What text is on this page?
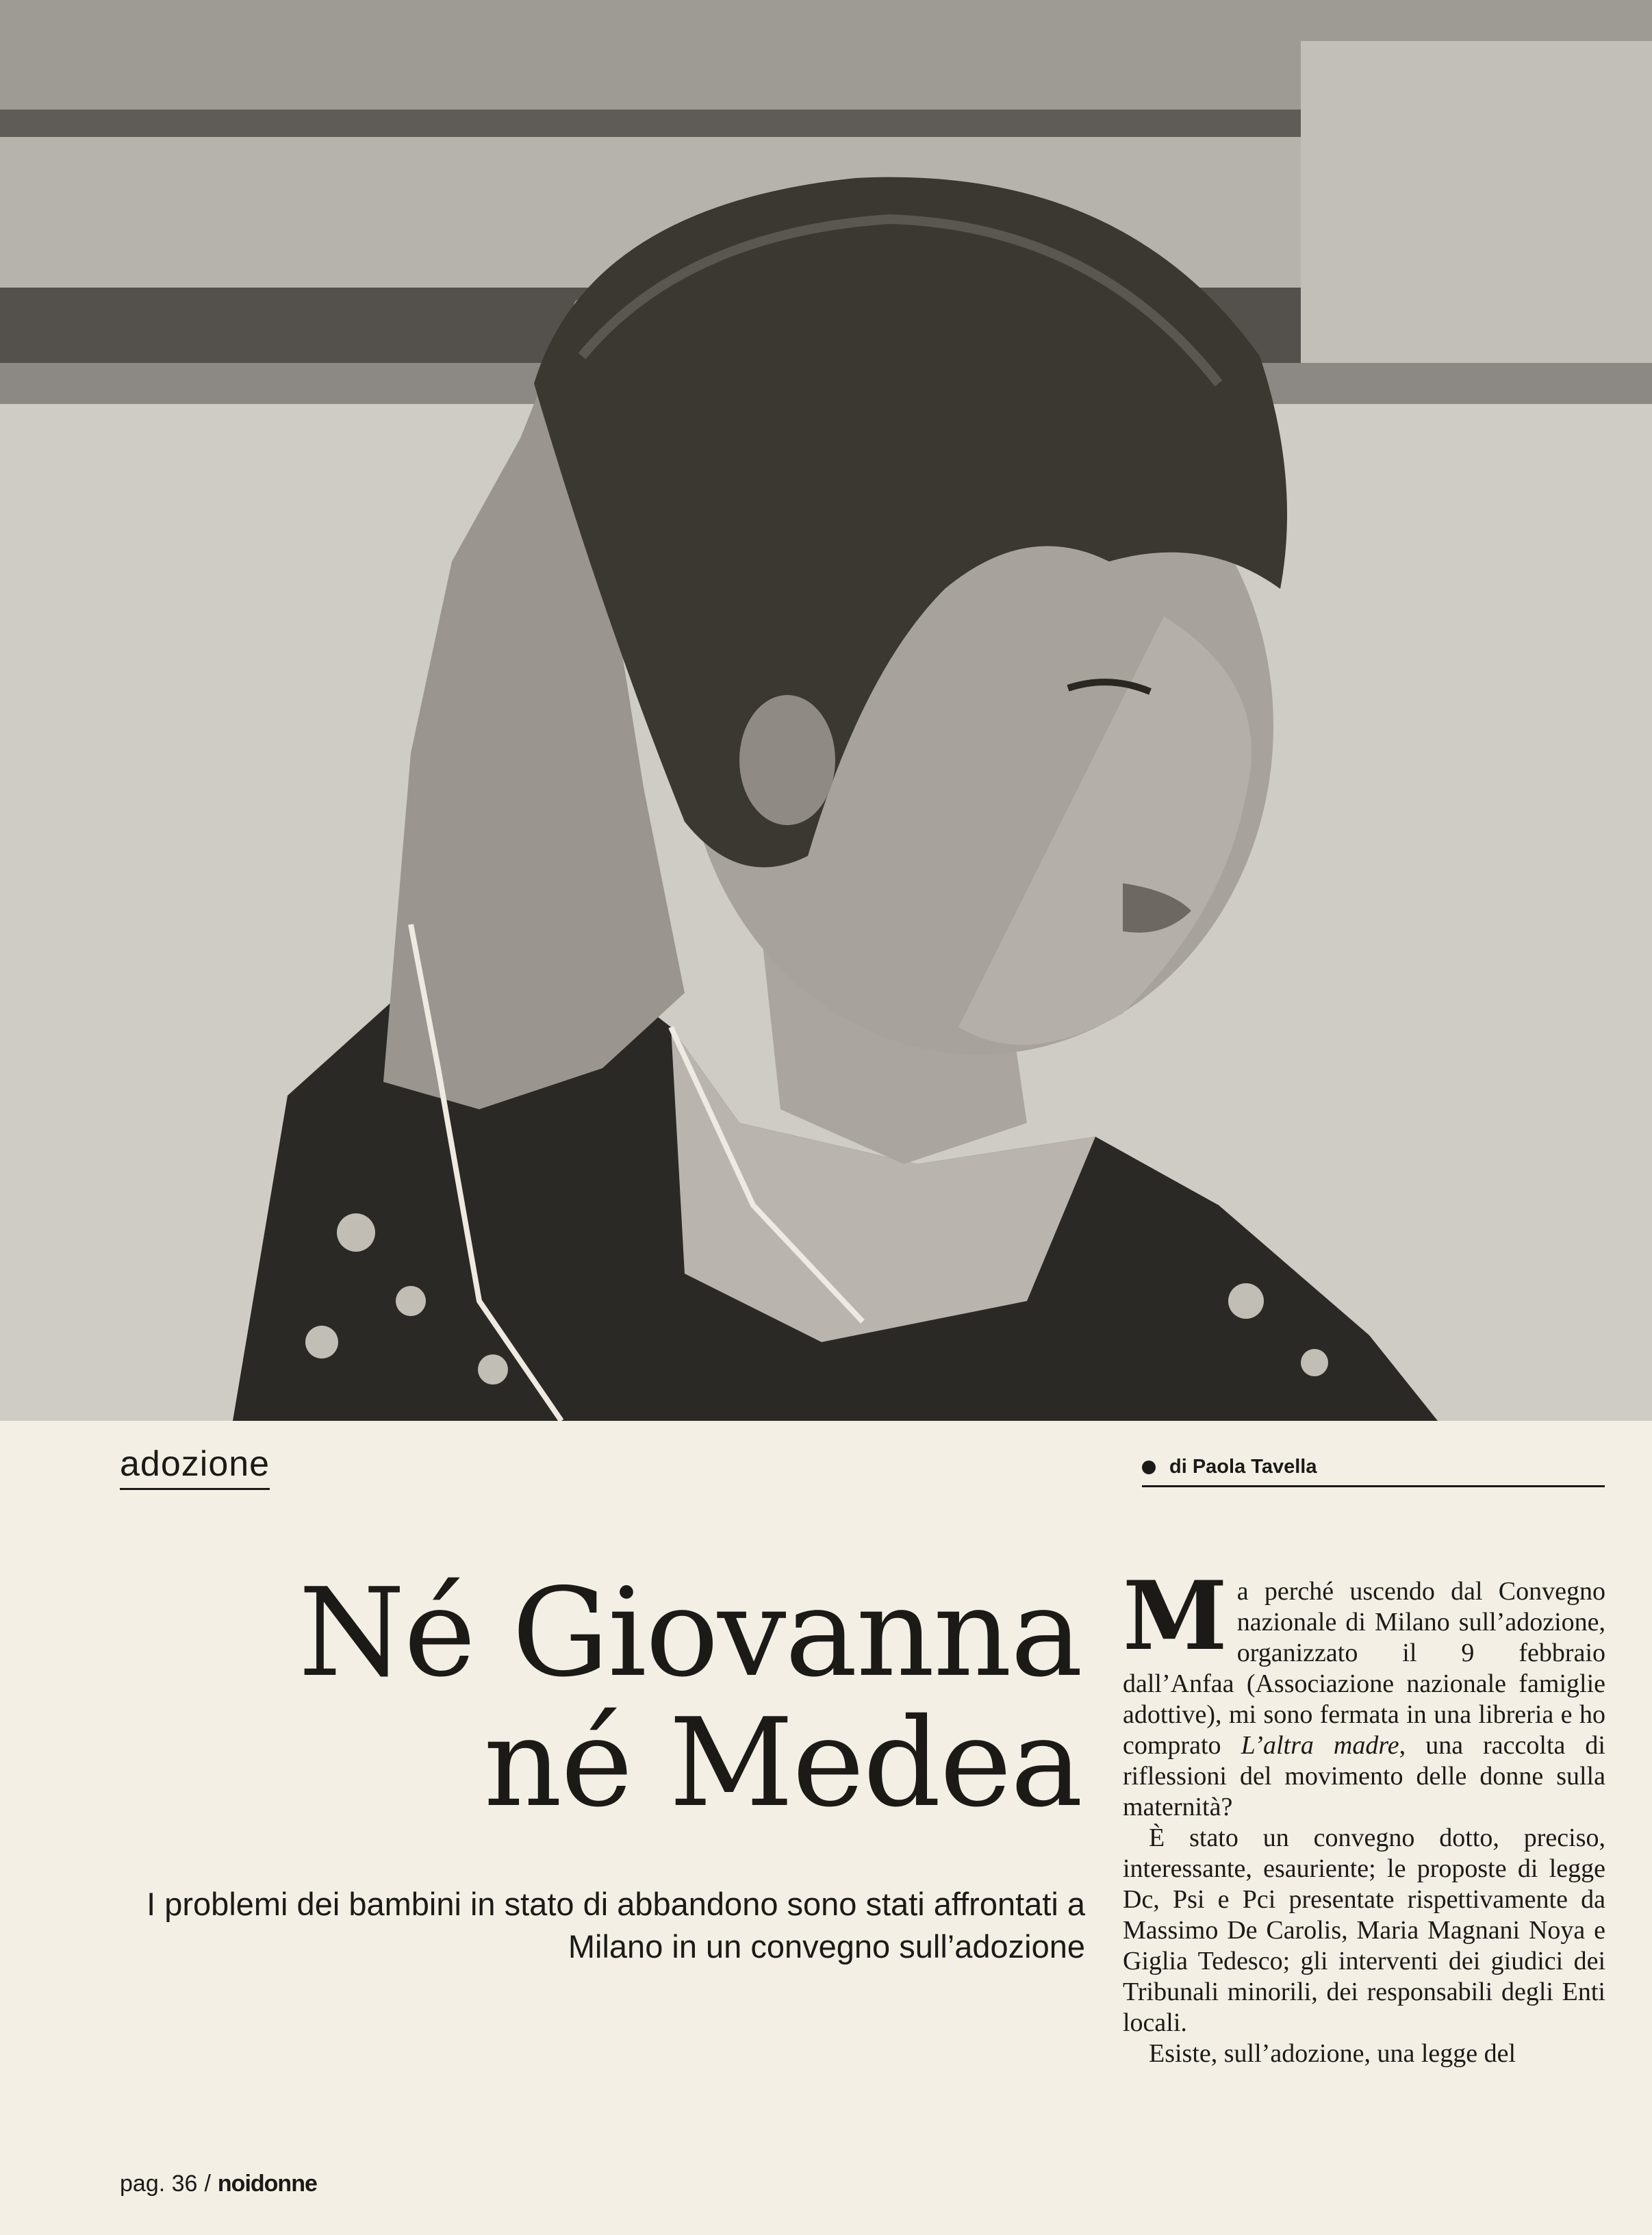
adozione	di Paola Tavella
Né Giovanna
né Medea
I problemi dei bambini in stato di abbandono sono stati affrontati a Milano in un convegno sull’adozione

Ma perché uscendo dal Convegno nazionale di Milano sull’adozione, organizzato il 9 febbraio dall’Anfaa (Associazione nazionale famiglie adottive), mi sono fermata in una libreria e ho comprato L’altra madre, una raccolta di riflessioni del movimento delle donne sulla maternità?

È stato un convegno dotto, preciso, interessante, esauriente; le proposte di legge Dc, Psi e Pci presentate rispettivamente da Massimo De Carolis, Maria Magnani Noya e Giglia Tedesco; gli interventi dei giudici dei Tribunali minorili, dei responsabili degli Enti locali.

Esiste, sull’adozione, una legge del

pag. 36 / noidonne
